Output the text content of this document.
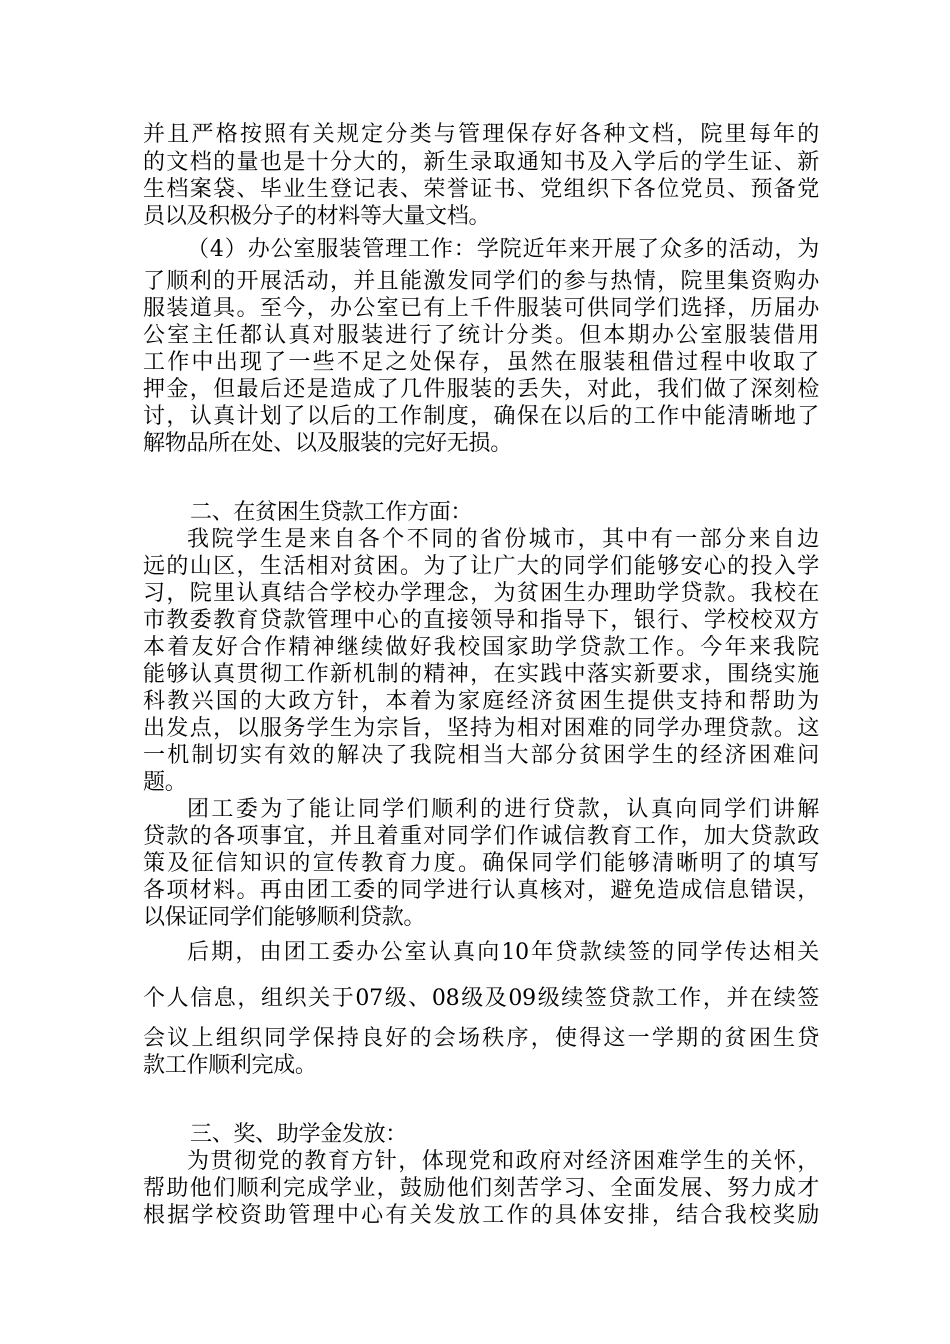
并且严格按照有关规定分类与管理保存好各种文档，院里每年的
的文档的量也是十分大的，新生录取通知书及入学后的学生证、新
生档案袋、毕业生登记表、荣誉证书、党组织下各位党员、预备党
员以及积极分子的材料等大量文档。
（4）办公室服装管理工作：学院近年来开展了众多的活动，为
了顺利的开展活动，并且能激发同学们的参与热情，院里集资购办
服装道具。至今，办公室已有上千件服装可供同学们选择，历届办
公室主任都认真对服装进行了统计分类。但本期办公室服装借用
工作中出现了一些不足之处保存，虽然在服装租借过程中收取了
押金，但最后还是造成了几件服装的丢失，对此，我们做了深刻检
讨，认真计划了以后的工作制度，确保在以后的工作中能清晰地了
解物品所在处、以及服装的完好无损。
二、在贫困生贷款工作方面：
我院学生是来自各个不同的省份城市，其中有一部分来自边
远的山区，生活相对贫困。为了让广大的同学们能够安心的投入学
习，院里认真结合学校办学理念，为贫困生办理助学贷款。我校在
市教委教育贷款管理中心的直接领导和指导下，银行、学校校双方
本着友好合作精神继续做好我校国家助学贷款工作。今年来我院
能够认真贯彻工作新机制的精神，在实践中落实新要求，围绕实施
科教兴国的大政方针，本着为家庭经济贫困生提供支持和帮助为
出发点，以服务学生为宗旨，坚持为相对困难的同学办理贷款。这
一机制切实有效的解决了我院相当大部分贫困学生的经济困难问
题。
团工委为了能让同学们顺利的进行贷款，认真向同学们讲解
贷款的各项事宜，并且着重对同学们作诚信教育工作，加大贷款政
策及征信知识的宣传教育力度。确保同学们能够清晰明了的填写
各项材料。再由团工委的同学进行认真核对，避免造成信息错误，
以保证同学们能够顺利贷款。
后期，由团工委办公室认真向10年贷款续签的同学传达相关
个人信息，组织关于07级、08级及09级续签贷款工作，并在续签
会议上组织同学保持良好的会场秩序，使得这一学期的贫困生贷
款工作顺利完成。
三、奖、助学金发放：
为贯彻党的教育方针，体现党和政府对经济困难学生的关怀，
帮助他们顺利完成学业，鼓励他们刻苦学习、全面发展、努力成才
根据学校资助管理中心有关发放工作的具体安排，结合我校奖励
